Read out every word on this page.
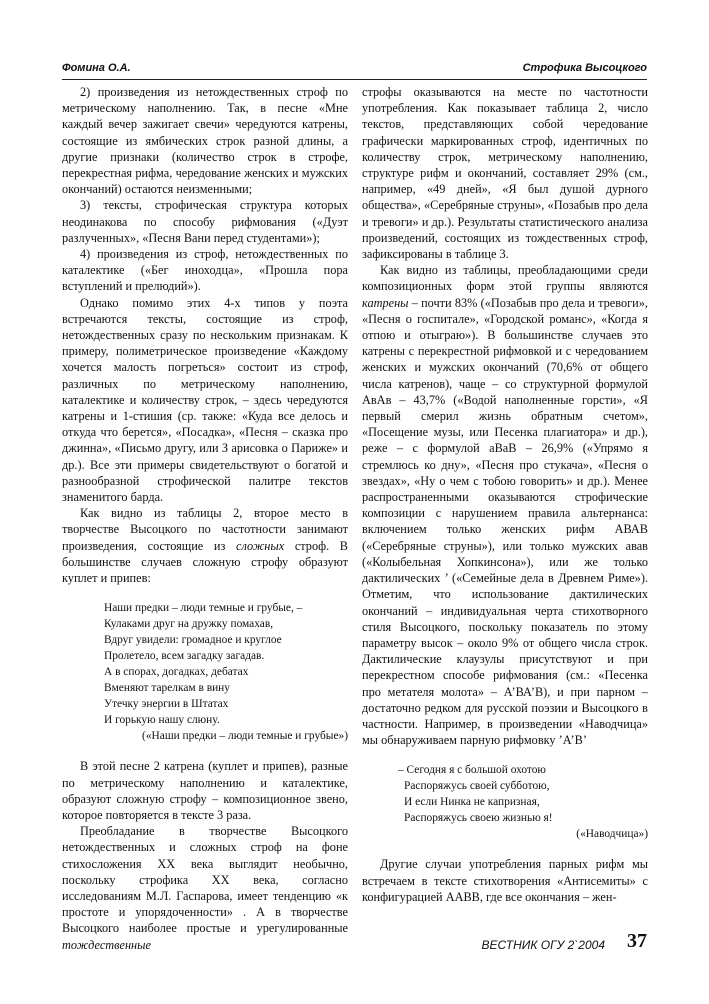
Фомина О.А.	Строфика Высоцкого

2) произведения из нетождественных строф по метрическому наполнению. Так, в песне «Мне каждый вечер зажигает свечи» чередуются катрены, состоящие из ямбических строк разной длины, а другие признаки (количество строк в строфе, перекрестная рифма, чередование женских и мужских окончаний) остаются неизменными;

3) тексты, строфическая структура которых неодинакова по способу рифмования («Дуэт разлученных», «Песня Вани перед студентами»);

4) произведения из строф, нетождественных по каталектике («Бег иноходца», «Прошла пора вступлений и прелюдий»).

Однако помимо этих 4-х типов у поэта встречаются тексты, состоящие из строф, нетождественных сразу по нескольким признакам. К примеру, полиметрическое произведение «Каждому хочется малость погреться» состоит из строф, различных по метрическому наполнению, каталектике и количеству строк, – здесь чередуются катрены и 1-стишия (ср. также: «Куда все делось и откуда что берется», «Посадка», «Песня – сказка про джинна», «Письмо другу, или З арисовка о Париже» и др.). Все эти примеры свидетельствуют о богатой и разнообразной строфической палитре текстов знаменитого барда.

Как видно из таблицы 2, второе место в творчестве Высоцкого по частотности занимают произведения, состоящие из сложных строф. В большинстве случаев сложную строфу образуют куплет и припев:

Наши предки – люди темные и грубые, –
Кулаками друг на дружку помахав,
Вдруг увидели: громадное и круглое
Пролетело, всем загадку загадав.
А в спорах, догадках, дебатах
Вменяют тарелкам в вину
Утечку энергии в Штатах
И горькую нашу слюну.
(«Наши предки – люди темные и грубые»)

В этой песне 2 катрена (куплет и припев), разные по метрическому наполнению и каталектике, образуют сложную строфу – композиционное звено, которое повторяется в тексте 3 раза.

Преобладание в творчестве Высоцкого нетождественных и сложных строф на фоне стихосложения XX века выглядит необычно, поскольку строфика XX века, согласно исследованиям М.Л. Гаспарова, имеет тенденцию «к простоте и упорядоченности» . А в творчестве Высоцкого наиболее простые и урегулированные тождественные

строфы оказываются на месте по частотности употребления. Как показывает таблица 2, число текстов, представляющих собой чередование графически маркированных строф, идентичных по количеству строк, метрическому наполнению, структуре рифм и окончаний, составляет 29% (см., например, «49 дней», «Я был душой дурного общества», «Серебряные струны», «Позабыв про дела и тревоги» и др.). Результаты статистического анализа произведений, состоящих из тождественных строф, зафиксированы в таблице 3.

Как видно из таблицы, преобладающими среди композиционных форм этой группы являются катрены – почти 83% («Позабыв про дела и тревоги», «Песня о госпитале», «Городской романс», «Когда я отпою и отыграю»). В большинстве случаев это катрены с перекрестной рифмовкой и с чередованием женских и мужских окончаний (70,6% от общего числа катренов), чаще – со структурной формулой АвАв – 43,7% («Водой наполненные горсти», «Я первый смерил жизнь обратным счетом», «Посещение музы, или Песенка плагиатора» и др.), реже – с формулой аВаВ – 26,9% («Упрямо я стремлюсь ко дну», «Песня про стукача», «Песня о звездах», «Ну о чем с тобою говорить» и др.). Менее распространенными оказываются строфические композиции с нарушением правила альтернанса: включением только женских рифм АВАВ («Серебряные струны»), или только мужских авав («Колыбельная Хопкинсона»), или же только дактилических ’ («Семейные дела в Древнем Риме»). Отметим, что использование дактилических окончаний – индивидуальная черта стихотворного стиля Высоцкого, поскольку показатель по этому параметру высок – около 9% от общего числа строк. Дактилические клаузулы присутствуют и при перекрестном способе рифмования (см.: «Песенка про метателя молота» – А’ВА’В), и при парном – достаточно редком для русской поэзии и Высоцкого в частности. Например, в произведении «Наводчица» мы обнаруживаем парную рифмовку ’А’В’

– Сегодня я с большой охотою
Распоряжусь своей субботою,
И если Нинка не капризная,
Распоряжусь своею жизнью я!
(«Наводчица»)

Другие случаи употребления парных рифм мы встречаем в тексте стихотворения «Антисемиты» с конфигурацией ААВВ, где все окончания – жен-

ВЕСТНИК ОГУ 2`2004 37
